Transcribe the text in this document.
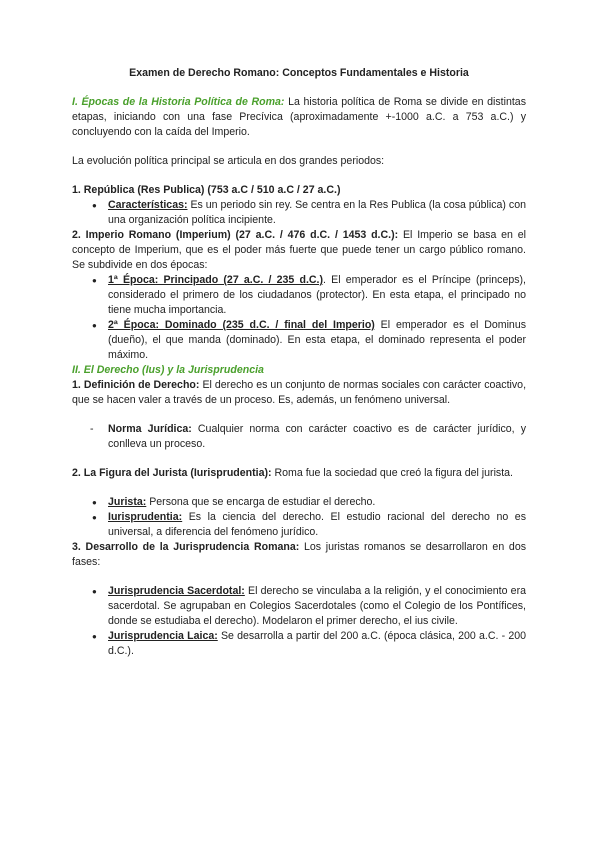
Examen de Derecho Romano: Conceptos Fundamentales e Historia

I. Épocas de la Historia Política de Roma: La historia política de Roma se divide en distintas etapas, iniciando con una fase Precívica (aproximadamente +-1000 a.C. a 753 a.C.) y concluyendo con la caída del Imperio.

La evolución política principal se articula en dos grandes periodos:

1. República (Res Publica) (753 a.C / 510 a.C / 27 a.C.)

● Características: Es un periodo sin rey. Se centra en la Res Publica (la cosa pública) con una organización política incipiente.

2. Imperio Romano (Imperium) (27 a.C. / 476 d.C. / 1453 d.C.): El Imperio se basa en el concepto de Imperium, que es el poder más fuerte que puede tener un cargo público romano. Se subdivide en dos épocas:

● 1ª Época: Principado (27 a.C. / 235 d.C.). El emperador es el Príncipe (princeps), considerado el primero de los ciudadanos (protector). En esta etapa, el principado no tiene mucha importancia.
● 2ª Época: Dominado (235 d.C. / final del Imperio) El emperador es el Dominus (dueño), el que manda (dominado). En esta etapa, el dominado representa el poder máximo.

II. El Derecho (Ius) y la Jurisprudencia

1. Definición de Derecho: El derecho es un conjunto de normas sociales con carácter coactivo, que se hacen valer a través de un proceso. Es, además, un fenómeno universal.

- Norma Jurídica: Cualquier norma con carácter coactivo es de carácter jurídico, y conlleva un proceso.

2. La Figura del Jurista (Iurisprudentia): Roma fue la sociedad que creó la figura del jurista.

● Jurista: Persona que se encarga de estudiar el derecho.
● Iurisprudentia: Es la ciencia del derecho. El estudio racional del derecho no es universal, a diferencia del fenómeno jurídico.

3. Desarrollo de la Jurisprudencia Romana: Los juristas romanos se desarrollaron en dos fases:

● Jurisprudencia Sacerdotal: El derecho se vinculaba a la religión, y el conocimiento era sacerdotal. Se agrupaban en Colegios Sacerdotales (como el Colegio de los Pontífices, donde se estudiaba el derecho). Modelaron el primer derecho, el ius civile.
● Jurisprudencia Laica: Se desarrolla a partir del 200 a.C. (época clásica, 200 a.C. - 200 d.C.).
